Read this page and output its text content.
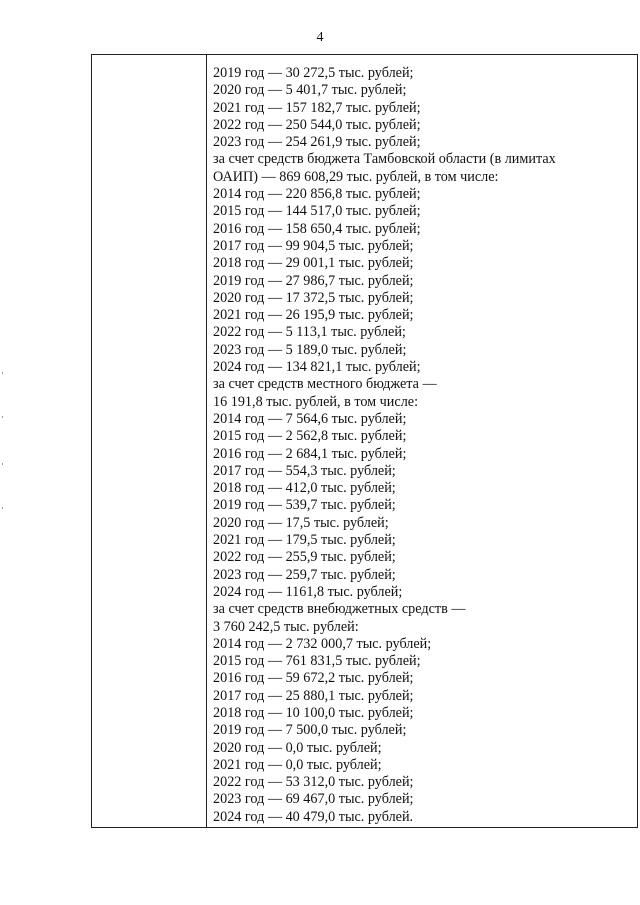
4

2019 год — 30 272,5 тыс. рублей;
2020 год — 5 401,7 тыс. рублей;
2021 год — 157 182,7 тыс. рублей;
2022 год — 250 544,0 тыс. рублей;
2023 год — 254 261,9 тыс. рублей;
за счет средств бюджета Тамбовской области (в лимитах
ОАИП) — 869 608,29 тыс. рублей, в том числе:
2014 год — 220 856,8 тыс. рублей;
2015 год — 144 517,0 тыс. рублей;
2016 год — 158 650,4 тыс. рублей;
2017 год — 99 904,5 тыс. рублей;
2018 год — 29 001,1 тыс. рублей;
2019 год — 27 986,7 тыс. рублей;
2020 год — 17 372,5 тыс. рублей;
2021 год — 26 195,9 тыс. рублей;
2022 год — 5 113,1 тыс. рублей;
2023 год — 5 189,0 тыс. рублей;
2024 год — 134 821,1 тыс. рублей;
за счет средств местного бюджета —
16 191,8 тыс. рублей, в том числе:
2014 год — 7 564,6 тыс. рублей;
2015 год — 2 562,8 тыс. рублей;
2016 год — 2 684,1 тыс. рублей;
2017 год — 554,3 тыс. рублей;
2018 год — 412,0 тыс. рублей;
2019 год — 539,7 тыс. рублей;
2020 год — 17,5 тыс. рублей;
2021 год — 179,5 тыс. рублей;
2022 год — 255,9 тыс. рублей;
2023 год — 259,7 тыс. рублей;
2024 год — 1161,8 тыс. рублей;
за счет средств внебюджетных средств —
3 760 242,5 тыс. рублей:
2014 год — 2 732 000,7 тыс. рублей;
2015 год — 761 831,5 тыс. рублей;
2016 год — 59 672,2 тыс. рублей;
2017 год — 25 880,1 тыс. рублей;
2018 год — 10 100,0 тыс. рублей;
2019 год — 7 500,0 тыс. рублей;
2020 год — 0,0 тыс. рублей;
2021 год — 0,0 тыс. рублей;
2022 год — 53 312,0 тыс. рублей;
2023 год — 69 467,0 тыс. рублей;
2024 год — 40 479,0 тыс. рублей.
